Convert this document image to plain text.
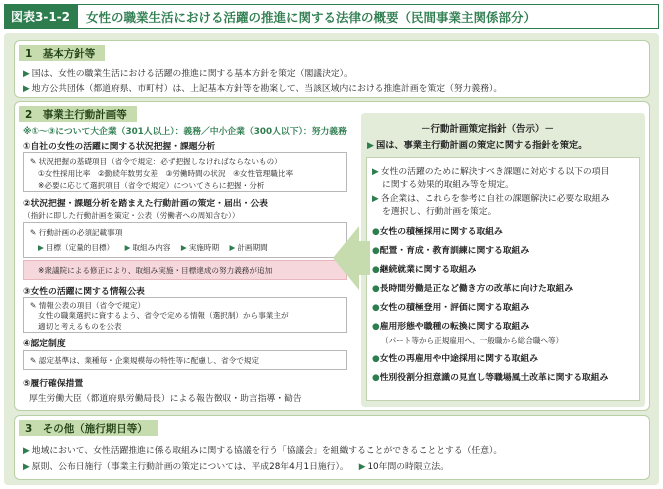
図表3-1-2	女性の職業生活における活躍の推進に関する法律の概要（民間事業主関係部分）
1　基本方針等
▶ 国は、女性の職業生活における活躍の推進に関する基本方針を策定（閣議決定）。
▶ 地方公共団体（都道府県、市町村）は、上記基本方針等を勘案して、当該区域内における推進計画を策定（努力義務）。
2　事業主行動計画等
※①～③について大企業（301人以上）：義務／中小企業（300人以下）：努力義務
①自社の女性の活躍に関する状況把握・課題分析
✎ 状況把握の基礎項目（省令で規定：必ず把握しなければならないもの）
①女性採用比率　②勤続年数男女差　③労働時間の状況　④女性管理職比率
※必要に応じて選択項目（省令で規定）についてさらに把握・分析
②状況把握・課題分析を踏まえた行動計画の策定・届出・公表
（指針に即した行動計画を策定・公表（労働者への周知含む））
✎ 行動計画の必須記載事項
▶ 目標（定量的目標） ▶ 取組み内容 ▶ 実施時期 ▶ 計画期間
※衆議院による修正により、取組み実施・目標達成の努力義務が追加
③女性の活躍に関する情報公表
✎ 情報公表の項目（省令で規定）
女性の職業選択に資するよう、省令で定める情報（選択制）から事業主が
適切と考えるものを公表
④認定制度
✎ 認定基準は、業種毎・企業規模毎の特性等に配慮し、省令で規定
⑤履行確保措置
厚生労働大臣（都道府県労働局長）による報告徴収・助言指導・勧告
－行動計画策定指針（告示）－
▶ 国は、事業主行動計画の策定に関する指針を策定。
▶ 女性の活躍のために解決すべき課題に対応する以下の項目
に関する効果的取組み等を規定。
▶ 各企業は、これらを参考に自社の課題解決に必要な取組み
を選択し、行動計画を策定。
●女性の積極採用に関する取組み
●配置・育成・教育訓練に関する取組み
●継続就業に関する取組み
●長時間労働是正など働き方の改革に向けた取組み
●女性の積極登用・評価に関する取組み
●雇用形態や職種の転換に関する取組み
（パート等から正規雇用へ、一般職から総合職へ等）
●女性の再雇用や中途採用に関する取組み
●性別役割分担意識の見直し等職場風土改革に関する取組み
3　その他（施行期日等）
▶ 地域において、女性活躍推進に係る取組みに関する協議を行う「協議会」を組織することができることとする（任意）。
▶ 原則、公布日施行（事業主行動計画の策定については、平成28年4月1日施行）。 ▶ 10年間の時限立法。
